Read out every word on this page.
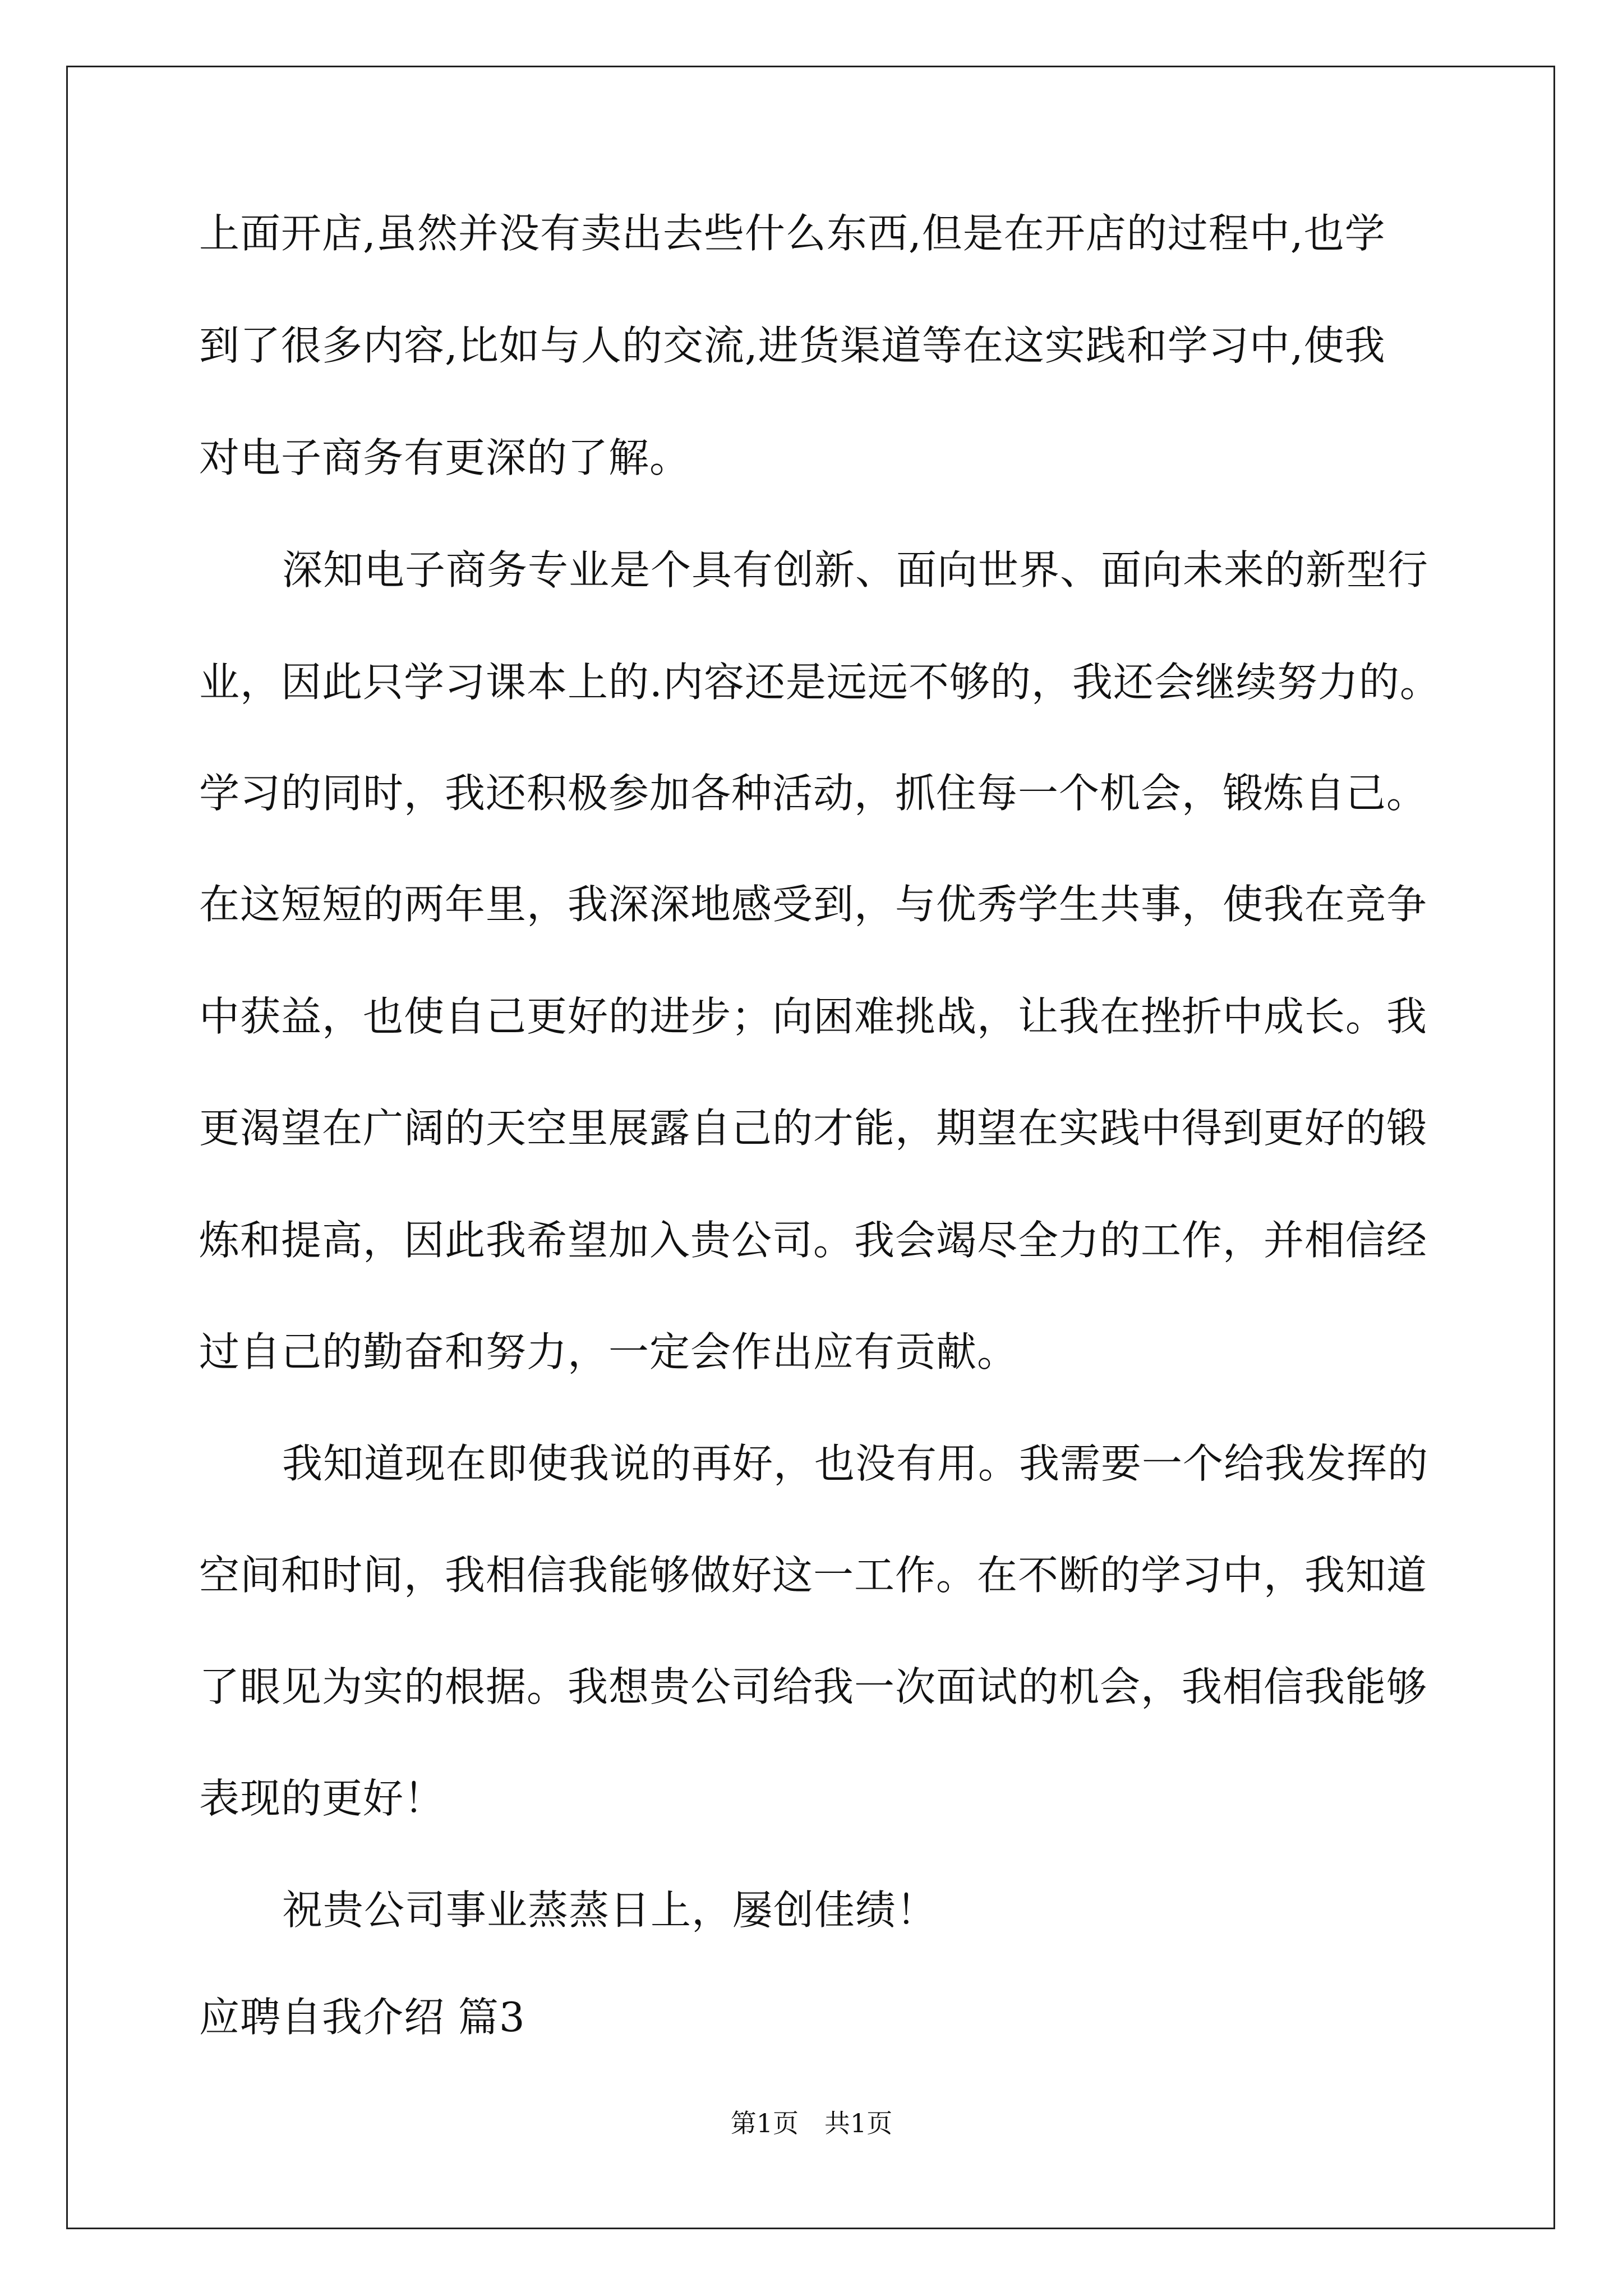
上面开店,虽然并没有卖出去些什么东西,但是在开店的过程中,也学
到了很多内容,比如与人的交流,进货渠道等在这实践和学习中,使我
对电子商务有更深的了解。
深知电子商务专业是个具有创新、面向世界、面向未来的新型行
业，因此只学习课本上的.内容还是远远不够的，我还会继续努力的。
学习的同时，我还积极参加各种活动，抓住每一个机会，锻炼自己。
在这短短的两年里，我深深地感受到，与优秀学生共事，使我在竞争
中获益，也使自己更好的进步；向困难挑战，让我在挫折中成长。我
更渴望在广阔的天空里展露自己的才能，期望在实践中得到更好的锻
炼和提高，因此我希望加入贵公司。我会竭尽全力的工作，并相信经
过自己的勤奋和努力，一定会作出应有贡献。
我知道现在即使我说的再好，也没有用。我需要一个给我发挥的
空间和时间，我相信我能够做好这一工作。在不断的学习中，我知道
了眼见为实的根据。我想贵公司给我一次面试的机会，我相信我能够
表现的更好！
祝贵公司事业蒸蒸日上，屡创佳绩！
应聘自我介绍 篇3
第1页　共1页
